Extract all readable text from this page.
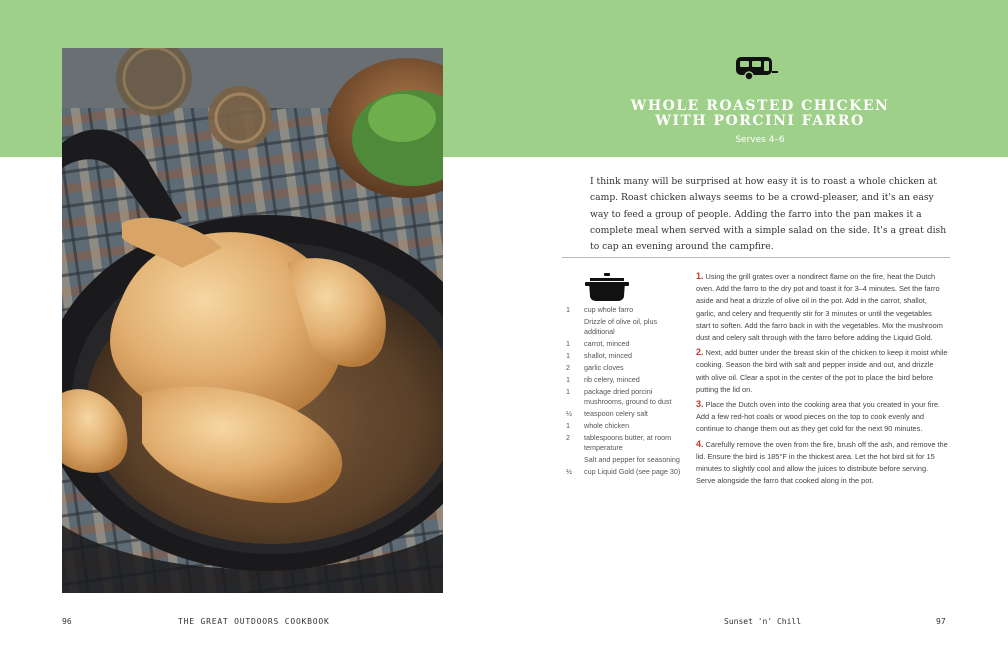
WHOLE ROASTED CHICKEN
WITH PORCINI FARRO
Serves 4–6

I think many will be surprised at how easy it is to roast a whole chicken at camp. Roast chicken always seems to be a crowd-pleaser, and it's an easy way to feed a group of people. Adding the farro into the pan makes it a complete meal when served with a simple salad on the side. It's a great dish to cap an evening around the campfire.

1	cup whole farro
Drizzle of olive oil, plus additional
1	carrot, minced
1	shallot, minced
2	garlic cloves
1	rib celery, minced
1	package dried porcini mushrooms, ground to dust
½	teaspoon celery salt
1	whole chicken
2	tablespoons butter, at room temperature
Salt and pepper for seasoning
½	cup Liquid Gold (see page 30)

1. Using the grill grates over a nondirect flame on the fire, heat the Dutch oven. Add the farro to the dry pot and toast it for 3–4 minutes. Set the farro aside and heat a drizzle of olive oil in the pot. Add in the carrot, shallot, garlic, and celery and frequently stir for 3 minutes or until the vegetables start to soften. Add the farro back in with the vegetables. Mix the mushroom dust and celery salt through with the farro before adding the Liquid Gold.

2. Next, add butter under the breast skin of the chicken to keep it moist while cooking. Season the bird with salt and pepper inside and out, and drizzle with olive oil. Clear a spot in the center of the pot to place the bird before putting the lid on.

3. Place the Dutch oven into the cooking area that you created in your fire. Add a few red-hot coals or wood pieces on the top to cook evenly and continue to change them out as they get cold for the next 90 minutes.

4. Carefully remove the oven from the fire, brush off the ash, and remove the lid. Ensure the bird is 185°F in the thickest area. Let the hot bird sit for 15 minutes to slightly cool and allow the juices to distribute before serving. Serve alongside the farro that cooked along in the pot.

96	THE GREAT OUTDOORS COOKBOOK	Sunset 'n' Chill	97
